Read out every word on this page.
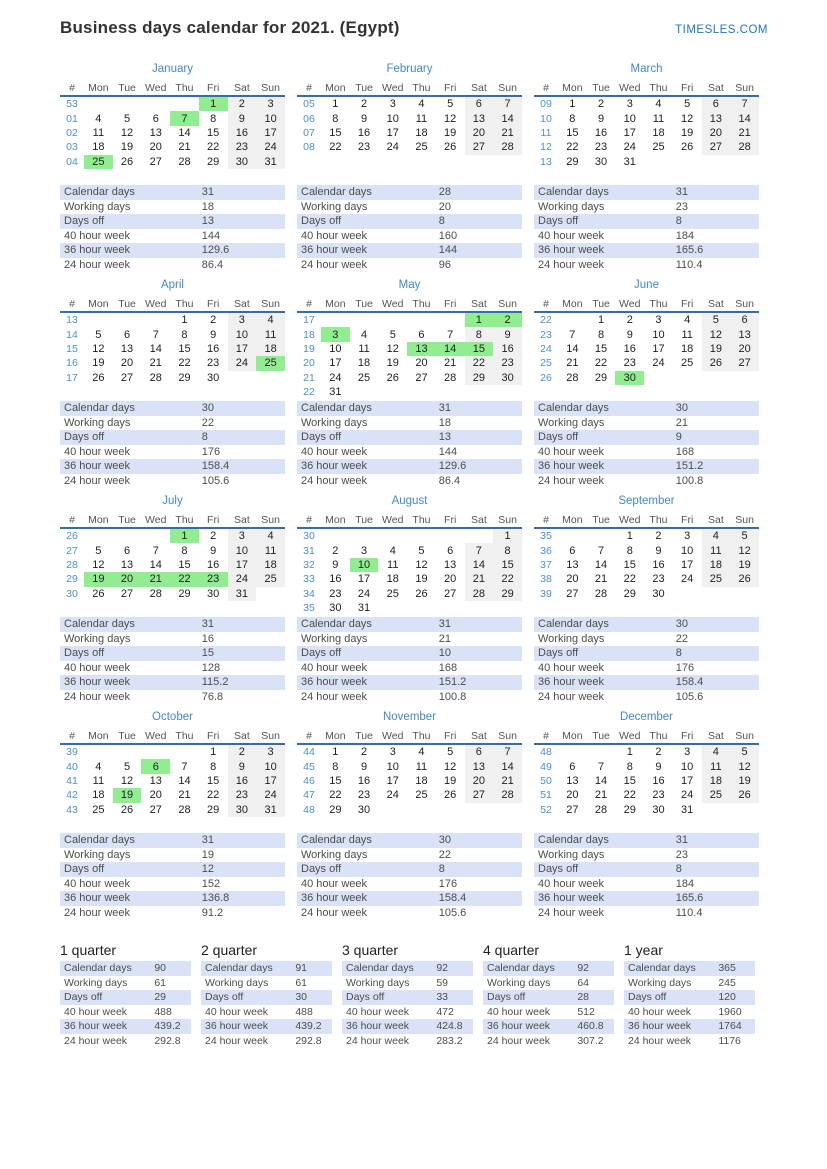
Business days calendar for 2021. (Egypt)	TIMESLES.COM
January
#	Mon	Tue	Wed	Thu	Fri	Sat	Sun
53					1	2	3
01	4	5	6	7	8	9	10
02	11	12	13	14	15	16	17
03	18	19	20	21	22	23	24
04	25	26	27	28	29	30	31
Calendar days	31
Working days	18
Days off	13
40 hour week	144
36 hour week	129.6
24 hour week	86.4
February
#	Mon	Tue	Wed	Thu	Fri	Sat	Sun
05	1	2	3	4	5	6	7
06	8	9	10	11	12	13	14
07	15	16	17	18	19	20	21
08	22	23	24	25	26	27	28
Calendar days	28
Working days	20
Days off	8
40 hour week	160
36 hour week	144
24 hour week	96
March
#	Mon	Tue	Wed	Thu	Fri	Sat	Sun
09	1	2	3	4	5	6	7
10	8	9	10	11	12	13	14
11	15	16	17	18	19	20	21
12	22	23	24	25	26	27	28
13	29	30	31				
Calendar days	31
Working days	23
Days off	8
40 hour week	184
36 hour week	165.6
24 hour week	110.4
April
#	Mon	Tue	Wed	Thu	Fri	Sat	Sun
13				1	2	3	4
14	5	6	7	8	9	10	11
15	12	13	14	15	16	17	18
16	19	20	21	22	23	24	25
17	26	27	28	29	30		
Calendar days	30
Working days	22
Days off	8
40 hour week	176
36 hour week	158.4
24 hour week	105.6
May
#	Mon	Tue	Wed	Thu	Fri	Sat	Sun
17						1	2
18	3	4	5	6	7	8	9
19	10	11	12	13	14	15	16
20	17	18	19	20	21	22	23
21	24	25	26	27	28	29	30
22	31						
Calendar days	31
Working days	18
Days off	13
40 hour week	144
36 hour week	129.6
24 hour week	86.4
June
#	Mon	Tue	Wed	Thu	Fri	Sat	Sun
22		1	2	3	4	5	6
23	7	8	9	10	11	12	13
24	14	15	16	17	18	19	20
25	21	22	23	24	25	26	27
26	28	29	30				
Calendar days	30
Working days	21
Days off	9
40 hour week	168
36 hour week	151.2
24 hour week	100.8
July
#	Mon	Tue	Wed	Thu	Fri	Sat	Sun
26				1	2	3	4
27	5	6	7	8	9	10	11
28	12	13	14	15	16	17	18
29	19	20	21	22	23	24	25
30	26	27	28	29	30	31	
Calendar days	31
Working days	16
Days off	15
40 hour week	128
36 hour week	115.2
24 hour week	76.8
August
#	Mon	Tue	Wed	Thu	Fri	Sat	Sun
30							1
31	2	3	4	5	6	7	8
32	9	10	11	12	13	14	15
33	16	17	18	19	20	21	22
34	23	24	25	26	27	28	29
35	30	31					
Calendar days	31
Working days	21
Days off	10
40 hour week	168
36 hour week	151.2
24 hour week	100.8
September
#	Mon	Tue	Wed	Thu	Fri	Sat	Sun
35			1	2	3	4	5
36	6	7	8	9	10	11	12
37	13	14	15	16	17	18	19
38	20	21	22	23	24	25	26
39	27	28	29	30			
Calendar days	30
Working days	22
Days off	8
40 hour week	176
36 hour week	158.4
24 hour week	105.6
October
#	Mon	Tue	Wed	Thu	Fri	Sat	Sun
39					1	2	3
40	4	5	6	7	8	9	10
41	11	12	13	14	15	16	17
42	18	19	20	21	22	23	24
43	25	26	27	28	29	30	31
Calendar days	31
Working days	19
Days off	12
40 hour week	152
36 hour week	136.8
24 hour week	91.2
November
#	Mon	Tue	Wed	Thu	Fri	Sat	Sun
44	1	2	3	4	5	6	7
45	8	9	10	11	12	13	14
46	15	16	17	18	19	20	21
47	22	23	24	25	26	27	28
48	29	30					
Calendar days	30
Working days	22
Days off	8
40 hour week	176
36 hour week	158.4
24 hour week	105.6
December
#	Mon	Tue	Wed	Thu	Fri	Sat	Sun
48			1	2	3	4	5
49	6	7	8	9	10	11	12
50	13	14	15	16	17	18	19
51	20	21	22	23	24	25	26
52	27	28	29	30	31		
Calendar days	31
Working days	23
Days off	8
40 hour week	184
36 hour week	165.6
24 hour week	110.4
1 quarter
Calendar days	90
Working days	61
Days off	29
40 hour week	488
36 hour week	439.2
24 hour week	292.8
2 quarter
Calendar days	91
Working days	61
Days off	30
40 hour week	488
36 hour week	439.2
24 hour week	292.8
3 quarter
Calendar days	92
Working days	59
Days off	33
40 hour week	472
36 hour week	424.8
24 hour week	283.2
4 quarter
Calendar days	92
Working days	64
Days off	28
40 hour week	512
36 hour week	460.8
24 hour week	307.2
1 year
Calendar days	365
Working days	245
Days off	120
40 hour week	1960
36 hour week	1764
24 hour week	1176
